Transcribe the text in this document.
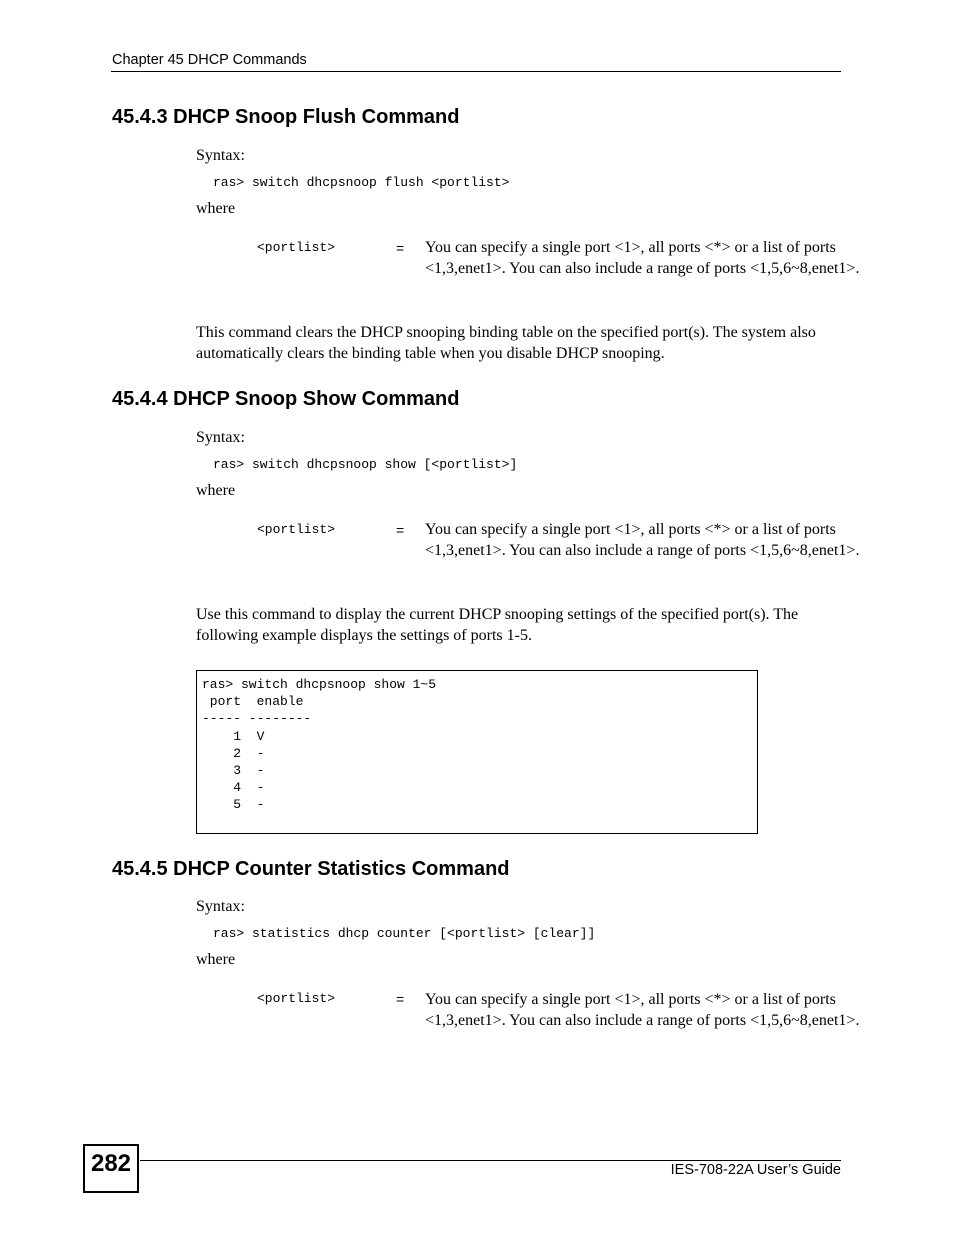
Chapter 45 DHCP Commands
45.4.3 DHCP Snoop Flush Command
Syntax:
ras> switch dhcpsnoop flush <portlist>
where
<portlist>	= You can specify a single port <1>, all ports <*> or a list of ports <1,3,enet1>. You can also include a range of ports <1,5,6~8,enet1>.
This command clears the DHCP snooping binding table on the specified port(s). The system also automatically clears the binding table when you disable DHCP snooping.
45.4.4 DHCP Snoop Show Command
Syntax:
ras> switch dhcpsnoop show [<portlist>]
where
<portlist>	= You can specify a single port <1>, all ports <*> or a list of ports <1,3,enet1>. You can also include a range of ports <1,5,6~8,enet1>.
Use this command to display the current DHCP snooping settings of the specified port(s). The following example displays the settings of ports 1-5.
ras> switch dhcpsnoop show 1~5
port  enable
----- --------
1  V
2  -
3  -
4  -
5  -
45.4.5 DHCP Counter Statistics Command
Syntax:
ras> statistics dhcp counter [<portlist> [clear]]
where
<portlist>	= You can specify a single port <1>, all ports <*> or a list of ports <1,3,enet1>. You can also include a range of ports <1,5,6~8,enet1>.
282	IES-708-22A User’s Guide
